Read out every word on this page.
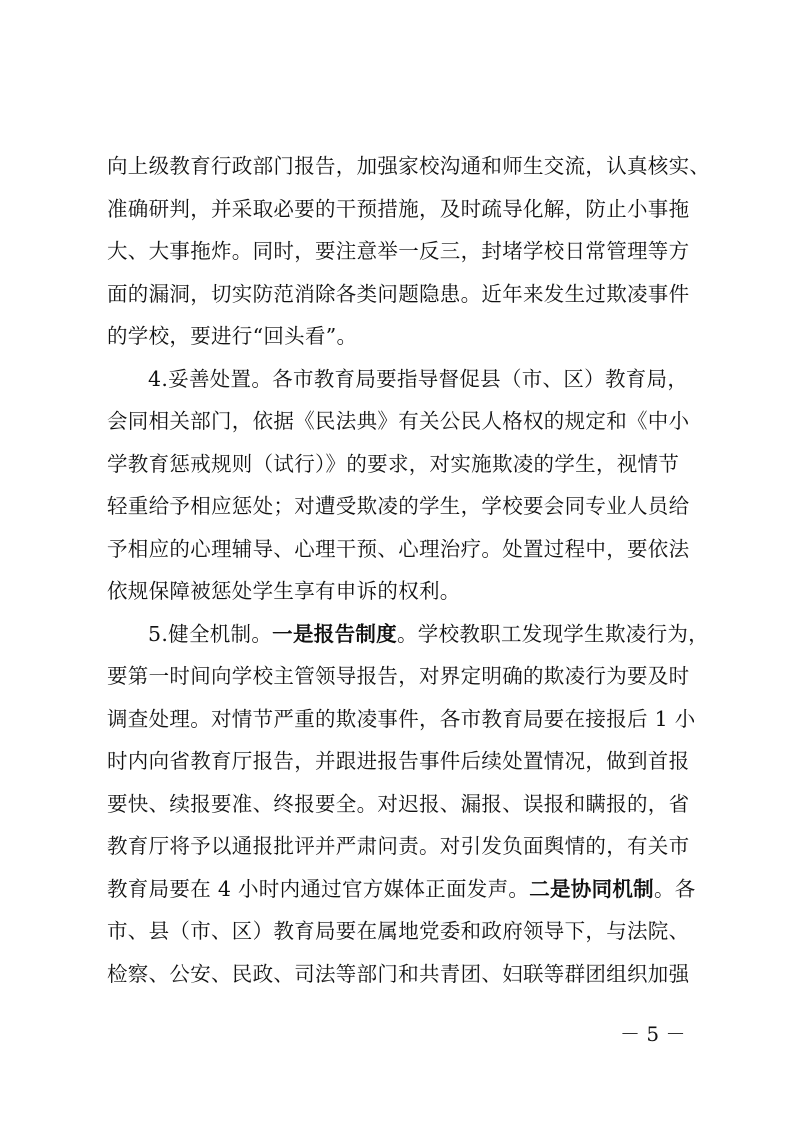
向上级教育行政部门报告，加强家校沟通和师生交流，认真核实、
准确研判，并采取必要的干预措施，及时疏导化解，防止小事拖
大、大事拖炸。同时，要注意举一反三，封堵学校日常管理等方
面的漏洞，切实防范消除各类问题隐患。近年来发生过欺凌事件
的学校，要进行“回头看”。
4.妥善处置。各市教育局要指导督促县（市、区）教育局，
会同相关部门，依据《民法典》有关公民人格权的规定和《中小
学教育惩戒规则（试行）》的要求，对实施欺凌的学生，视情节
轻重给予相应惩处；对遭受欺凌的学生，学校要会同专业人员给
予相应的心理辅导、心理干预、心理治疗。处置过程中，要依法
依规保障被惩处学生享有申诉的权利。
5.健全机制。一是报告制度。学校教职工发现学生欺凌行为，
要第一时间向学校主管领导报告，对界定明确的欺凌行为要及时
调查处理。对情节严重的欺凌事件，各市教育局要在接报后 1 小
时内向省教育厅报告，并跟进报告事件后续处置情况，做到首报
要快、续报要准、终报要全。对迟报、漏报、误报和瞒报的，省
教育厅将予以通报批评并严肃问责。对引发负面舆情的，有关市
教育局要在 4 小时内通过官方媒体正面发声。二是协同机制。各
市、县（市、区）教育局要在属地党委和政府领导下，与法院、
检察、公安、民政、司法等部门和共青团、妇联等群团组织加强
－ 5 －
